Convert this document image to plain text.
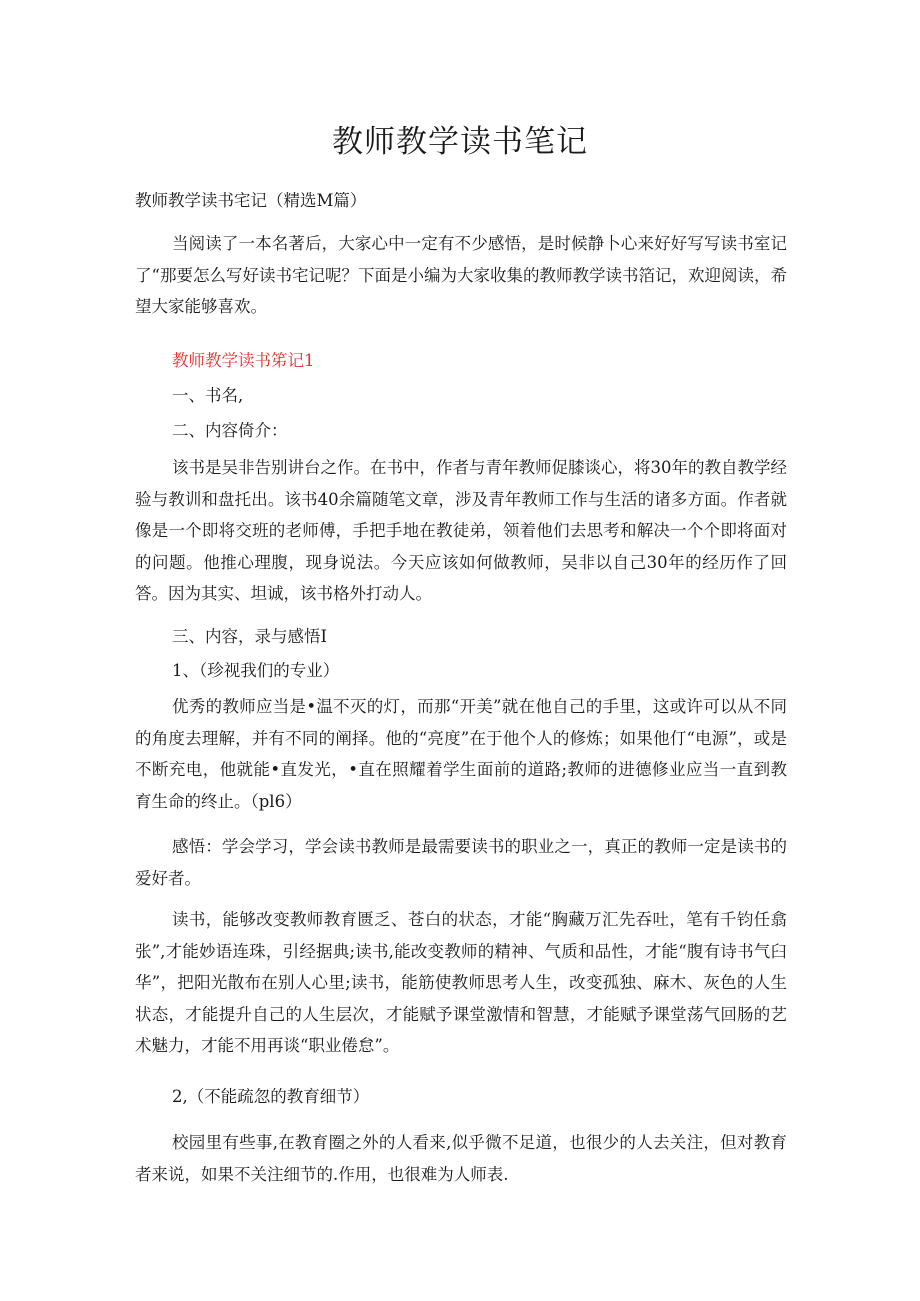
教师教学读书笔记
教师教学读书宅记（精选M篇）

当阅读了一本名著后，大家心中一定有不少感悟，是时候静卜心来好好写写读书室记了“那要怎么写好读书宅记呢？下面是小编为大家收集的教师教学读书箔记，欢迎阅读，希望大家能够喜欢。

教师教学读书笫记1
一、书名,
二、内容倚介：

该书是吴非告别讲台之作。在书中，作者与青年教师促膝谈心，将30年的教自教学经验与教训和盘托出。该书40余篇随笔文章，涉及青年教师工作与生活的诸多方面。作者就像是一个即将交班的老师傅，手把手地在教徒弟，领着他们去思考和解决一个个即将面对的问题。他推心理腹，现身说法。今天应该如何做教师，吴非以自己30年的经历作了回答。因为其实、坦诚，该书格外打动人。

三、内容，录与感悟I
1、（珍视我们的专业）

优秀的教师应当是•温不灭的灯，而那“开美”就在他自己的手里，这或许可以从不同的角度去理解，并有不同的阐择。他的“亮度”在于他个人的修炼；如果他仃“电源”，或是不断充电，他就能•直发光，•直在照耀着学生面前的道路;教师的进德修业应当一直到教育生命的终止。（pl6）

感悟：学会学习，学会读书教师是最需要读书的职业之一，真正的教师一定是读书的爱好者。

读书，能够改变教师教育匮乏、苍白的状态，才能“胸藏万汇先吞吐，笔有千钧任翕张”,才能妙语连珠，引经据典;读书,能改变教师的精神、气质和品性，才能“腹有诗书气臼华”，把阳光散布在别人心里;读书，能筋使教师思考人生，改变孤独、麻木、灰色的人生状态，才能提升自己的人生层次，才能赋予课堂激情和智慧，才能赋予课堂荡气回肠的艺术魅力，才能不用再谈“职业倦怠”。

2,（不能疏忽的教育细节）

校园里有些事,在教育圈之外的人看来,似乎微不足道，也很少的人去关注，但对教育者来说，如果不关注细节的.作用，也很难为人师表.
